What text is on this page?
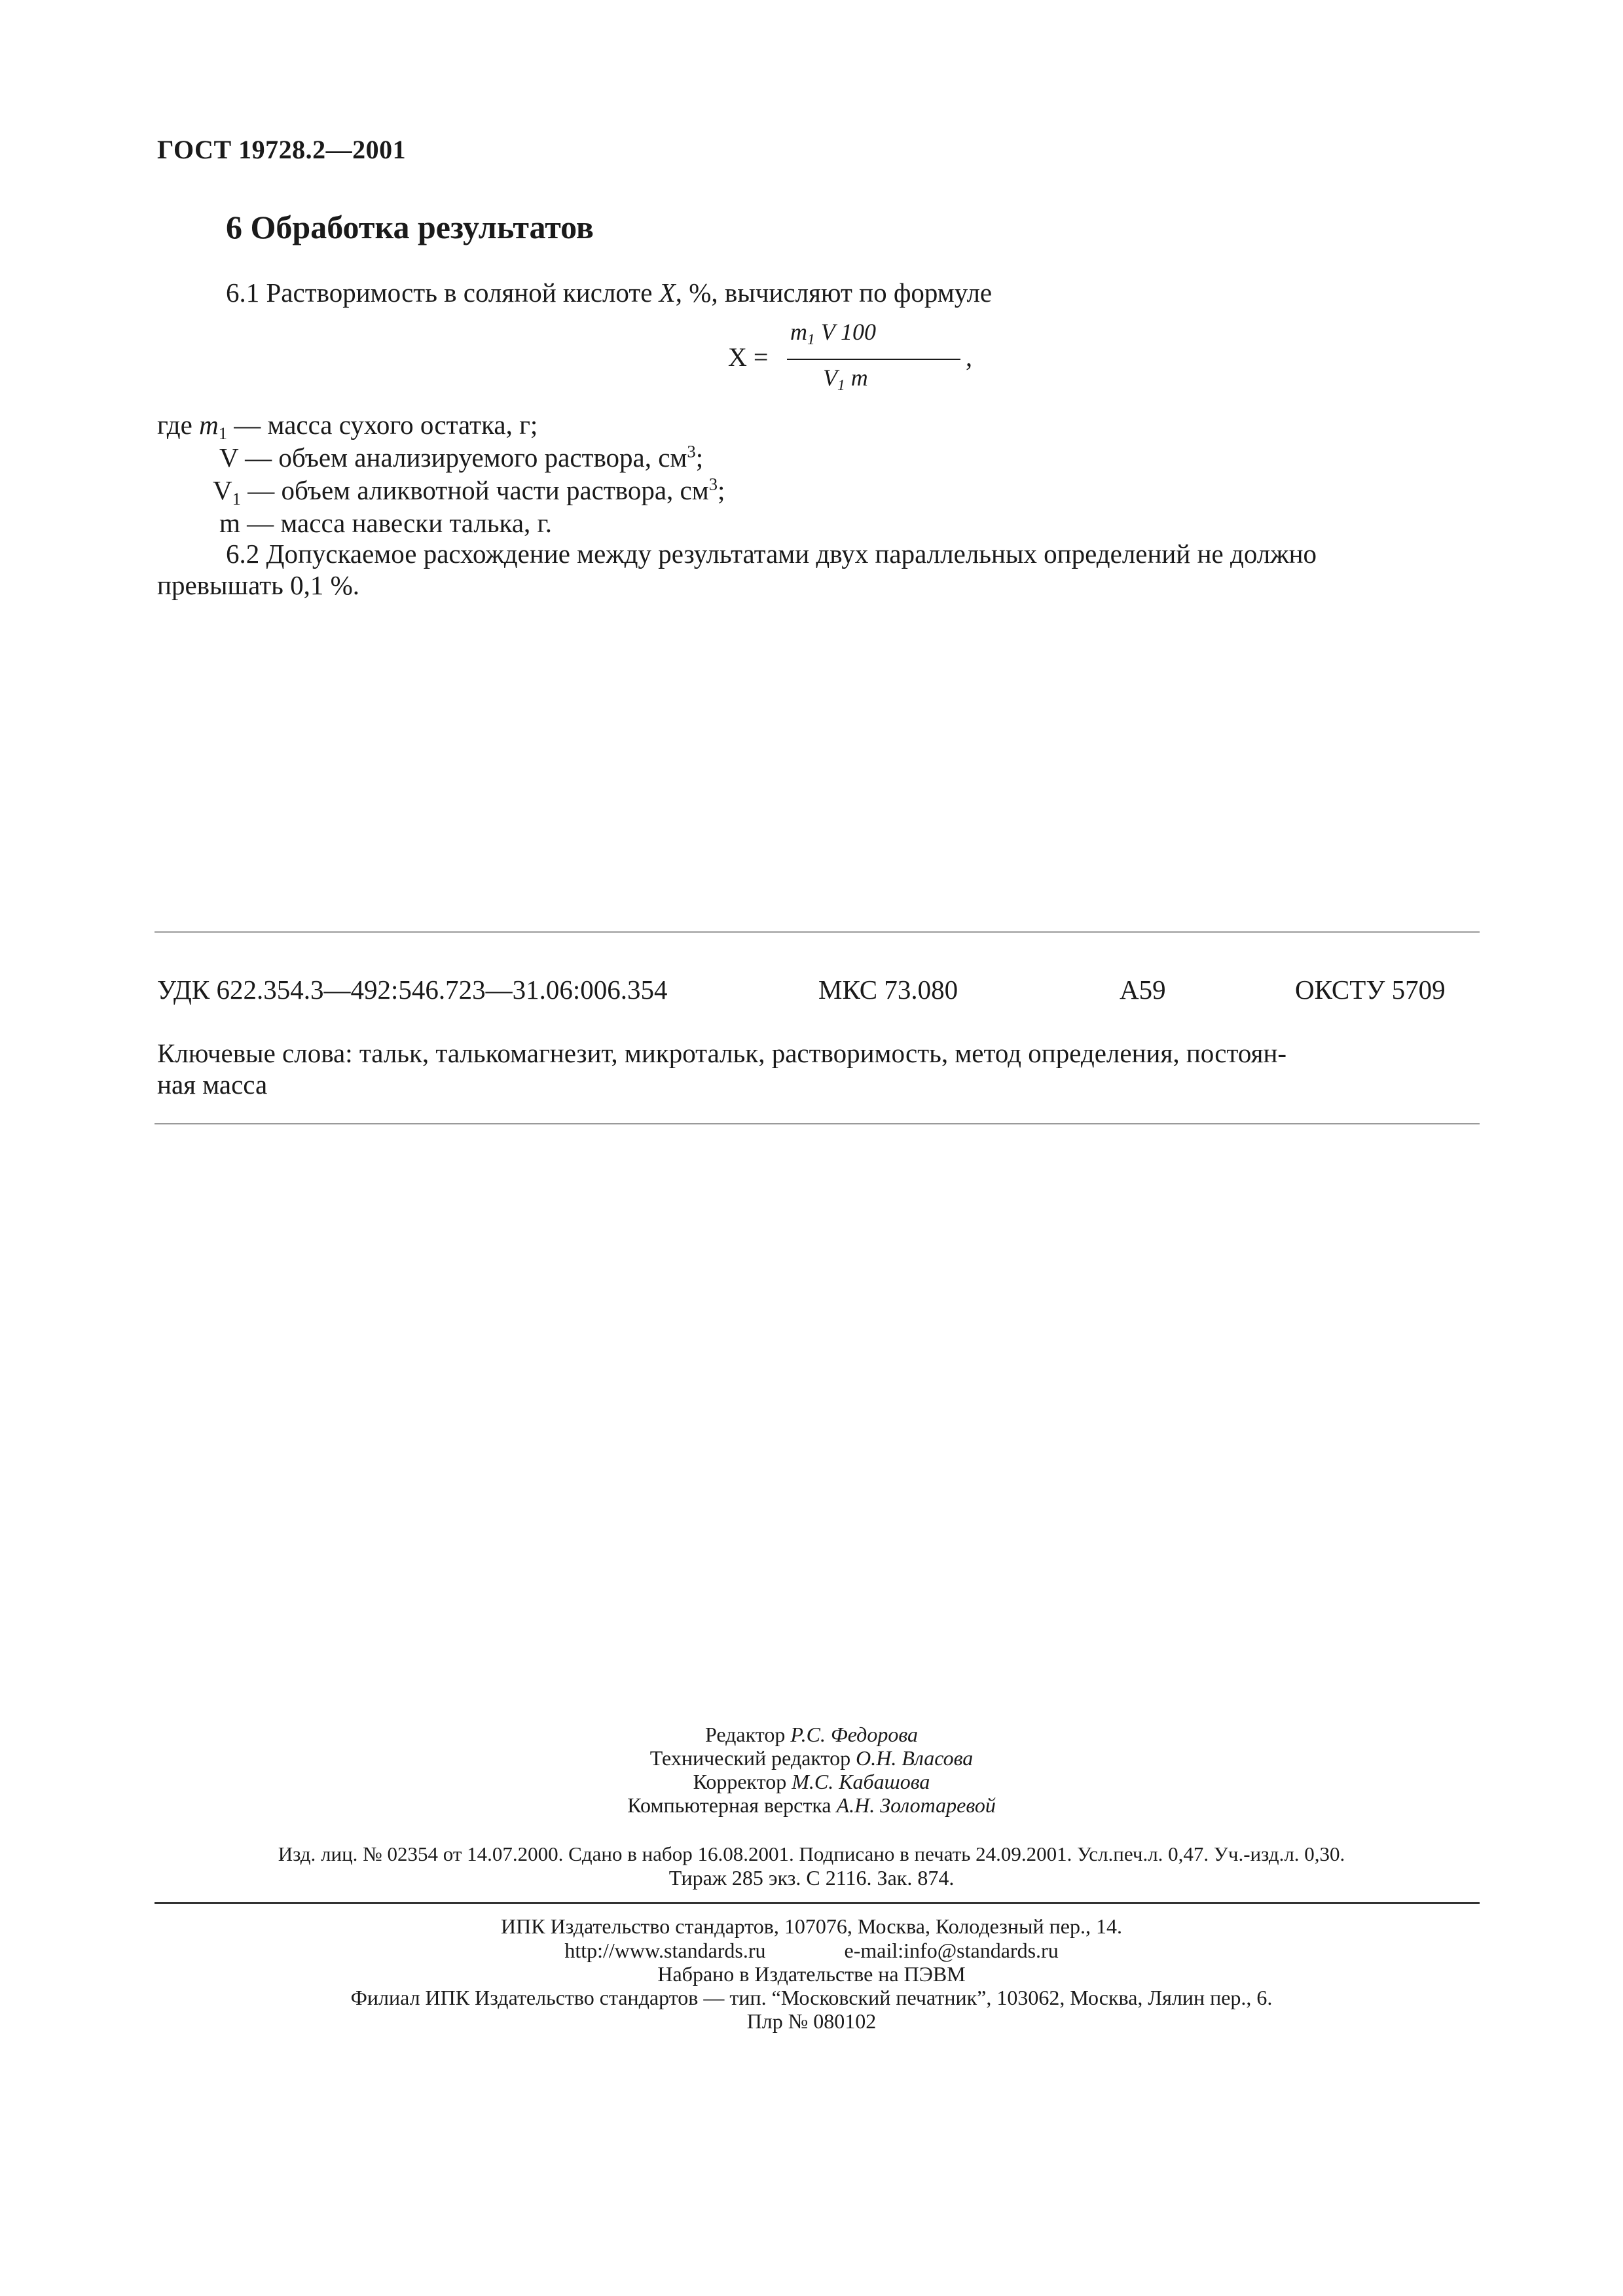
ГОСТ 19728.2—2001
6 Обработка результатов
6.1 Растворимость в соляной кислоте X, %, вычисляют по формуле
X =
$m_1$ V 100
$V_1$ m
,
где $m_1$ — масса сухого остатка, г;
V — объем анализируемого раствора, $см^3$;
$V_1$ — объем аликвотной части раствора, $см^3$;
m — масса навески талька, г.
6.2 Допускаемое расхождение между результатами двух параллельных определений не должно
превышать 0,1 %.
УДК 622.354.3—492:546.723—31.06:006.354	МКС 73.080	А59	ОКСТУ 5709
Ключевые слова: тальк, талькомагнезит, микротальк, растворимость, метод определения, постоян-
ная масса
Редактор Р.С. Федорова
Технический редактор О.Н. Власова
Корректор М.С. Кабашова
Компьютерная верстка А.Н. Золотаревой
Изд. лиц. № 02354 от 14.07.2000. Сдано в набор 16.08.2001. Подписано в печать 24.09.2001. Усл.печ.л. 0,47. Уч.-изд.л. 0,30.
Тираж 285 экз. С 2116. Зак. 874.
ИПК Издательство стандартов, 107076, Москва, Колодезный пер., 14.
http://www.standards.ru	e-mail:info@standards.ru
Набрано в Издательстве на ПЭВМ
Филиал ИПК Издательство стандартов — тип. “Московский печатник”, 103062, Москва, Лялин пер., 6.
Плр № 080102
